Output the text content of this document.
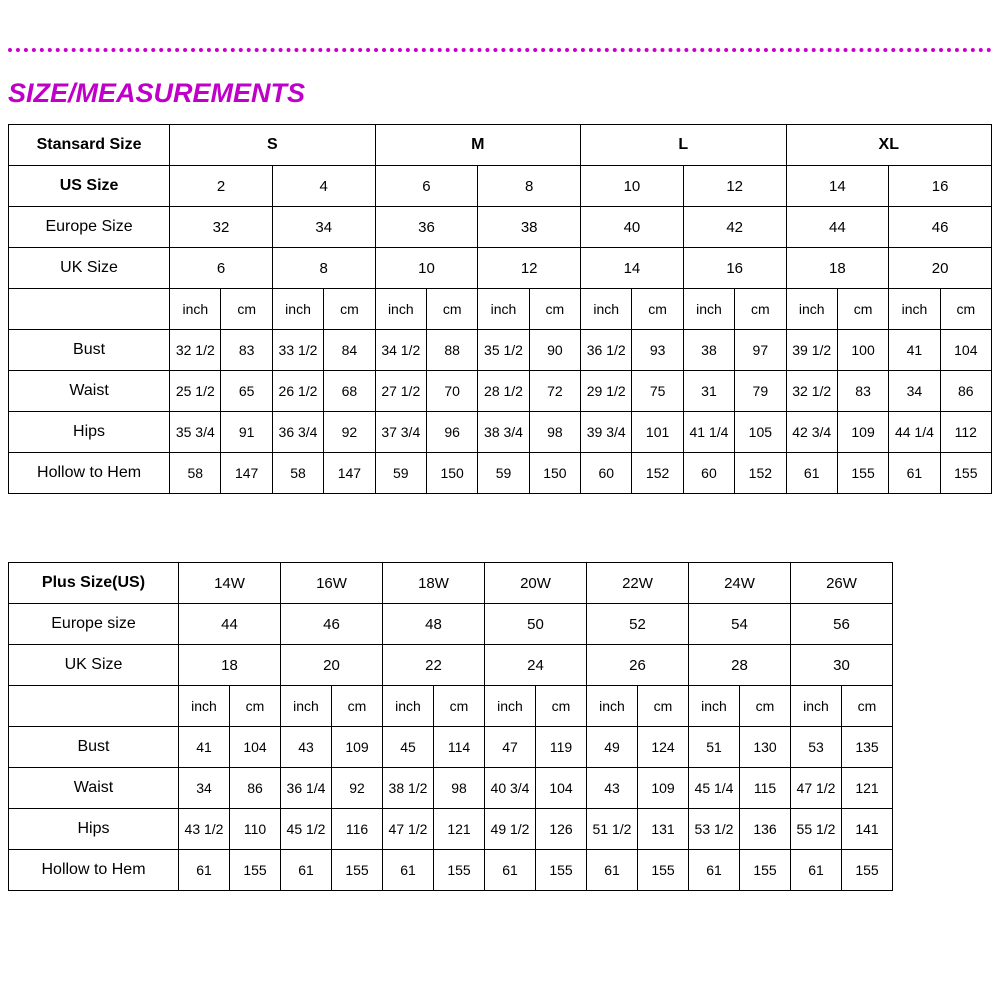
SIZE/MEASUREMENTS
Stansard Size	S				M				L				XL			
US Size	2		4		6		8		10		12		14		16	
Europe Size	32		34		36		38		40		42		44		46	
UK Size	6		8		10		12		14		16		18		20	
	inch	cm	inch	cm	inch	cm	inch	cm	inch	cm	inch	cm	inch	cm	inch	cm
Bust	32 1/2	83	33 1/2	84	34 1/2	88	35 1/2	90	36 1/2	93	38	97	39 1/2	100	41	104
Waist	25 1/2	65	26 1/2	68	27 1/2	70	28 1/2	72	29 1/2	75	31	79	32 1/2	83	34	86
Hips	35 3/4	91	36 3/4	92	37 3/4	96	38 3/4	98	39 3/4	101	41 1/4	105	42 3/4	109	44 1/4	112
Hollow to Hem	58	147	58	147	59	150	59	150	60	152	60	152	61	155	61	155
Plus Size(US)	14W		16W		18W		20W		22W		24W		26W	
Europe size	44		46		48		50		52		54		56	
UK Size	18		20		22		24		26		28		30	
	inch	cm	inch	cm	inch	cm	inch	cm	inch	cm	inch	cm	inch	cm
Bust	41	104	43	109	45	114	47	119	49	124	51	130	53	135
Waist	34	86	36 1/4	92	38 1/2	98	40 3/4	104	43	109	45 1/4	115	47 1/2	121
Hips	43 1/2	110	45 1/2	116	47 1/2	121	49 1/2	126	51 1/2	131	53 1/2	136	55 1/2	141
Hollow to Hem	61	155	61	155	61	155	61	155	61	155	61	155	61	155
